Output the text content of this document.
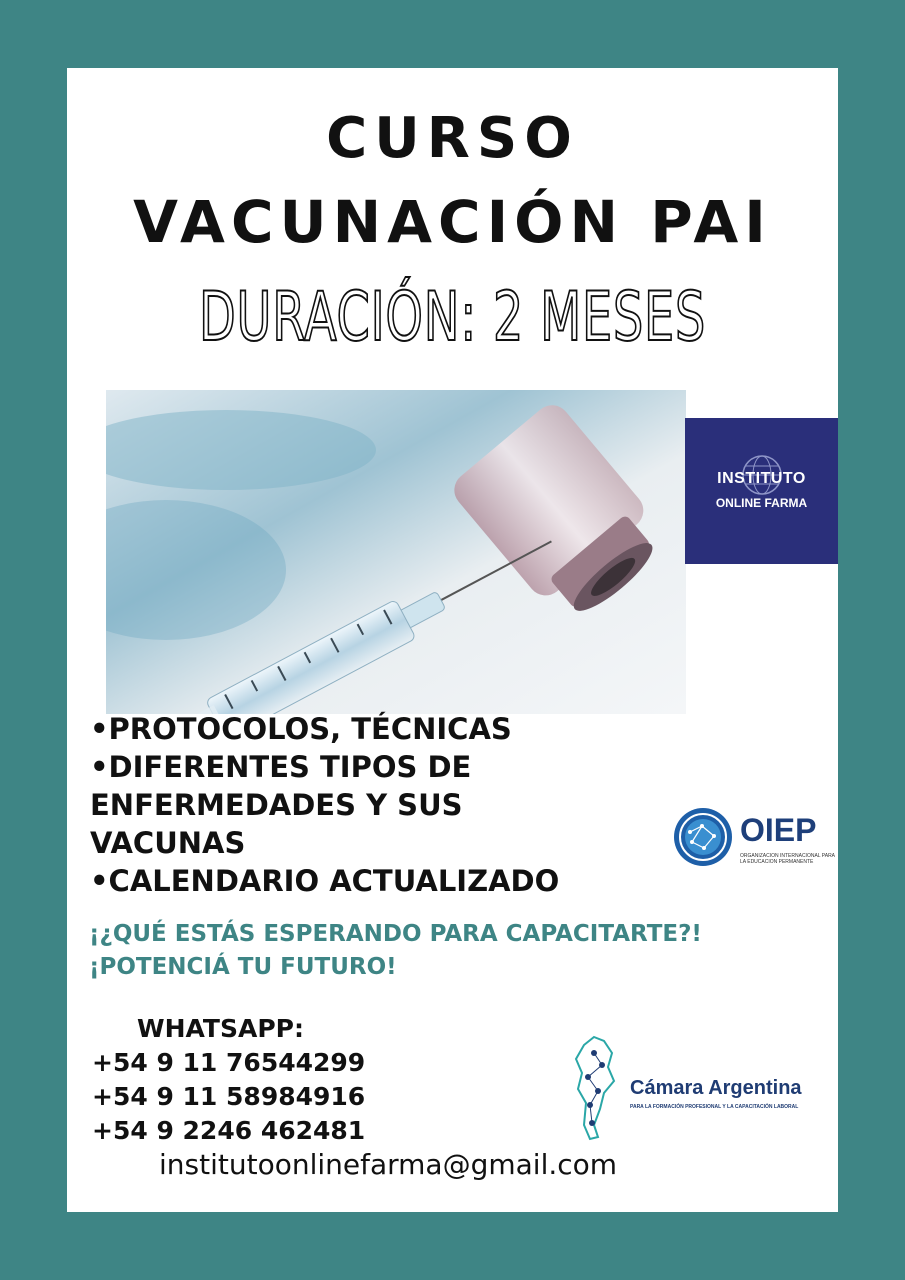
CURSO
VACUNACIÓN PAI
DURACIÓN: 2 MESES
INSTITUTO
ONLINE FARMA
•PROTOCOLOS, TÉCNICAS
•DIFERENTES TIPOS DE
ENFERMEDADES Y SUS
VACUNAS
•CALENDARIO ACTUALIZADO
OIEP
ORGANIZACION INTERNACIONAL PARA LA EDUCACION PERMANENTE
¡¿QUÉ ESTÁS ESPERANDO PARA CAPACITARTE?!
¡POTENCIÁ TU FUTURO!
WHATSAPP:
+54 9 11 76544299
+54 9 11 58984916
+54 9 2246 462481
Cámara Argentina
PARA LA FORMACIÓN PROFESIONAL Y LA CAPACITACIÓN LABORAL
institutoonlinefarma@gmail.com
